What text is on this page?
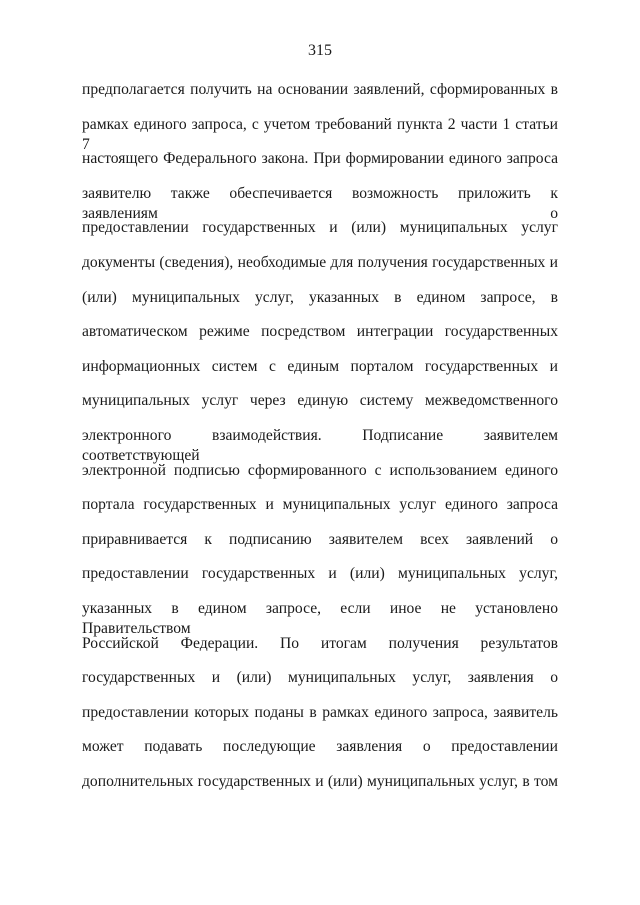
315
предполагается получить на основании заявлений, сформированных в
рамках единого запроса, с учетом требований пункта 2 части 1 статьи 7
настоящего Федерального закона. При формировании единого запроса
заявителю также обеспечивается возможность приложить к заявлениям о
предоставлении государственных и (или) муниципальных услуг
документы (сведения), необходимые для получения государственных и
(или) муниципальных услуг, указанных в едином запросе, в
автоматическом режиме посредством интеграции государственных
информационных систем с единым порталом государственных и
муниципальных услуг через единую систему межведомственного
электронного взаимодействия. Подписание заявителем соответствующей
электронной подписью сформированного с использованием единого
портала государственных и муниципальных услуг единого запроса
приравнивается к подписанию заявителем всех заявлений о
предоставлении государственных и (или) муниципальных услуг,
указанных в едином запросе, если иное не установлено Правительством
Российской Федерации. По итогам получения результатов
государственных и (или) муниципальных услуг, заявления о
предоставлении которых поданы в рамках единого запроса, заявитель
может подавать последующие заявления о предоставлении
дополнительных государственных и (или) муниципальных услуг, в том
